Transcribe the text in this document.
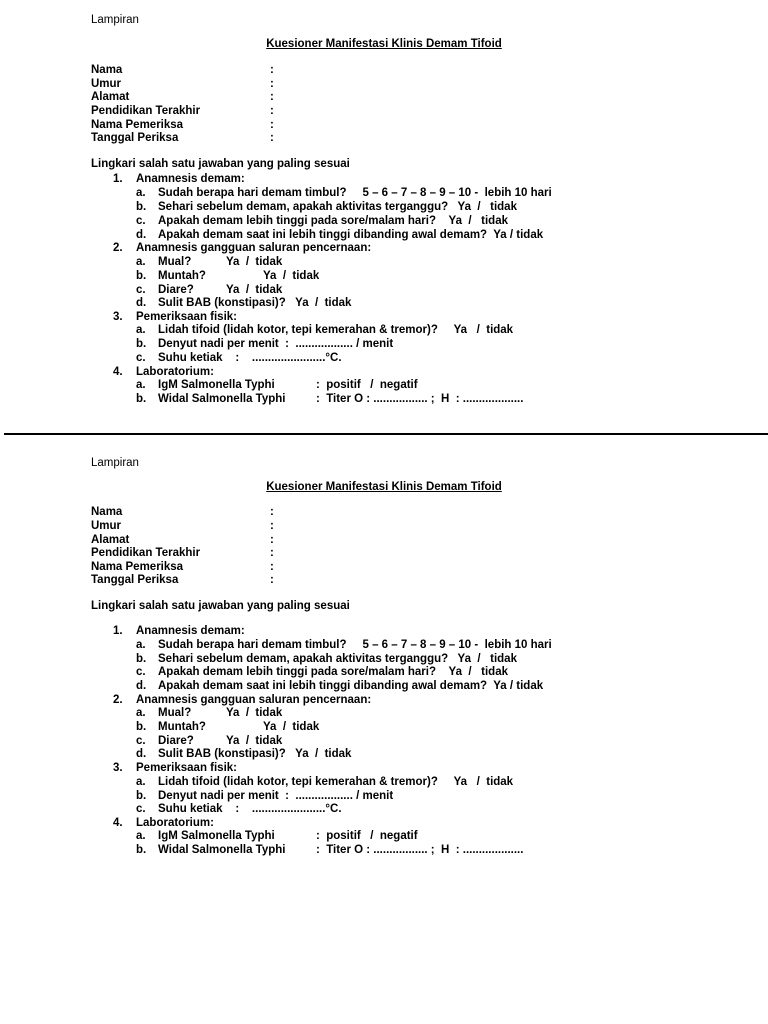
Lampiran
Kuesioner Manifestasi Klinis Demam Tifoid
Nama	:
Umur	:
Alamat	:
Pendidikan Terakhir	:
Nama Pemeriksa	:
Tanggal Periksa	:
Lingkari salah satu jawaban yang paling sesuai
1. Anamnesis demam:
a. Sudah berapa hari demam timbul?     5 – 6 – 7 – 8 – 9 – 10 -  lebih 10 hari
b. Sehari sebelum demam, apakah aktivitas terganggu?   Ya  /   tidak
c. Apakah demam lebih tinggi pada sore/malam hari?    Ya  /   tidak
d. Apakah demam saat ini lebih tinggi dibanding awal demam?  Ya / tidak
2. Anamnesis gangguan saluran pencernaan:
a. Mual?	Ya  /  tidak
b. Muntah?	Ya  /  tidak
c. Diare?	Ya  /  tidak
d. Sulit BAB (konstipasi)?   Ya  /  tidak
3. Pemeriksaan fisik:
a. Lidah tifoid (lidah kotor, tepi kemerahan & tremor)?     Ya   /  tidak
b. Denyut nadi per menit  :  .................. / menit
c. Suhu ketiak    :    .......................°C.
4. Laboratorium:
a. IgM Salmonella Typhi	:  positif   /  negatif
b. Widal Salmonella Typhi	:  Titer O : ................. ;  H  : ...................
Lampiran
Kuesioner Manifestasi Klinis Demam Tifoid
Nama	:
Umur	:
Alamat	:
Pendidikan Terakhir	:
Nama Pemeriksa	:
Tanggal Periksa	:
Lingkari salah satu jawaban yang paling sesuai
1. Anamnesis demam:
a. Sudah berapa hari demam timbul?     5 – 6 – 7 – 8 – 9 – 10 -  lebih 10 hari
b. Sehari sebelum demam, apakah aktivitas terganggu?   Ya  /   tidak
c. Apakah demam lebih tinggi pada sore/malam hari?    Ya  /   tidak
d. Apakah demam saat ini lebih tinggi dibanding awal demam?  Ya / tidak
2. Anamnesis gangguan saluran pencernaan:
a. Mual?	Ya  /  tidak
b. Muntah?	Ya  /  tidak
c. Diare?	Ya  /  tidak
d. Sulit BAB (konstipasi)?   Ya  /  tidak
3. Pemeriksaan fisik:
a. Lidah tifoid (lidah kotor, tepi kemerahan & tremor)?     Ya   /  tidak
b. Denyut nadi per menit  :  .................. / menit
c. Suhu ketiak    :    .......................°C.
4. Laboratorium:
a. IgM Salmonella Typhi	:  positif   /  negatif
b. Widal Salmonella Typhi	:  Titer O : ................. ;  H  : ...................
